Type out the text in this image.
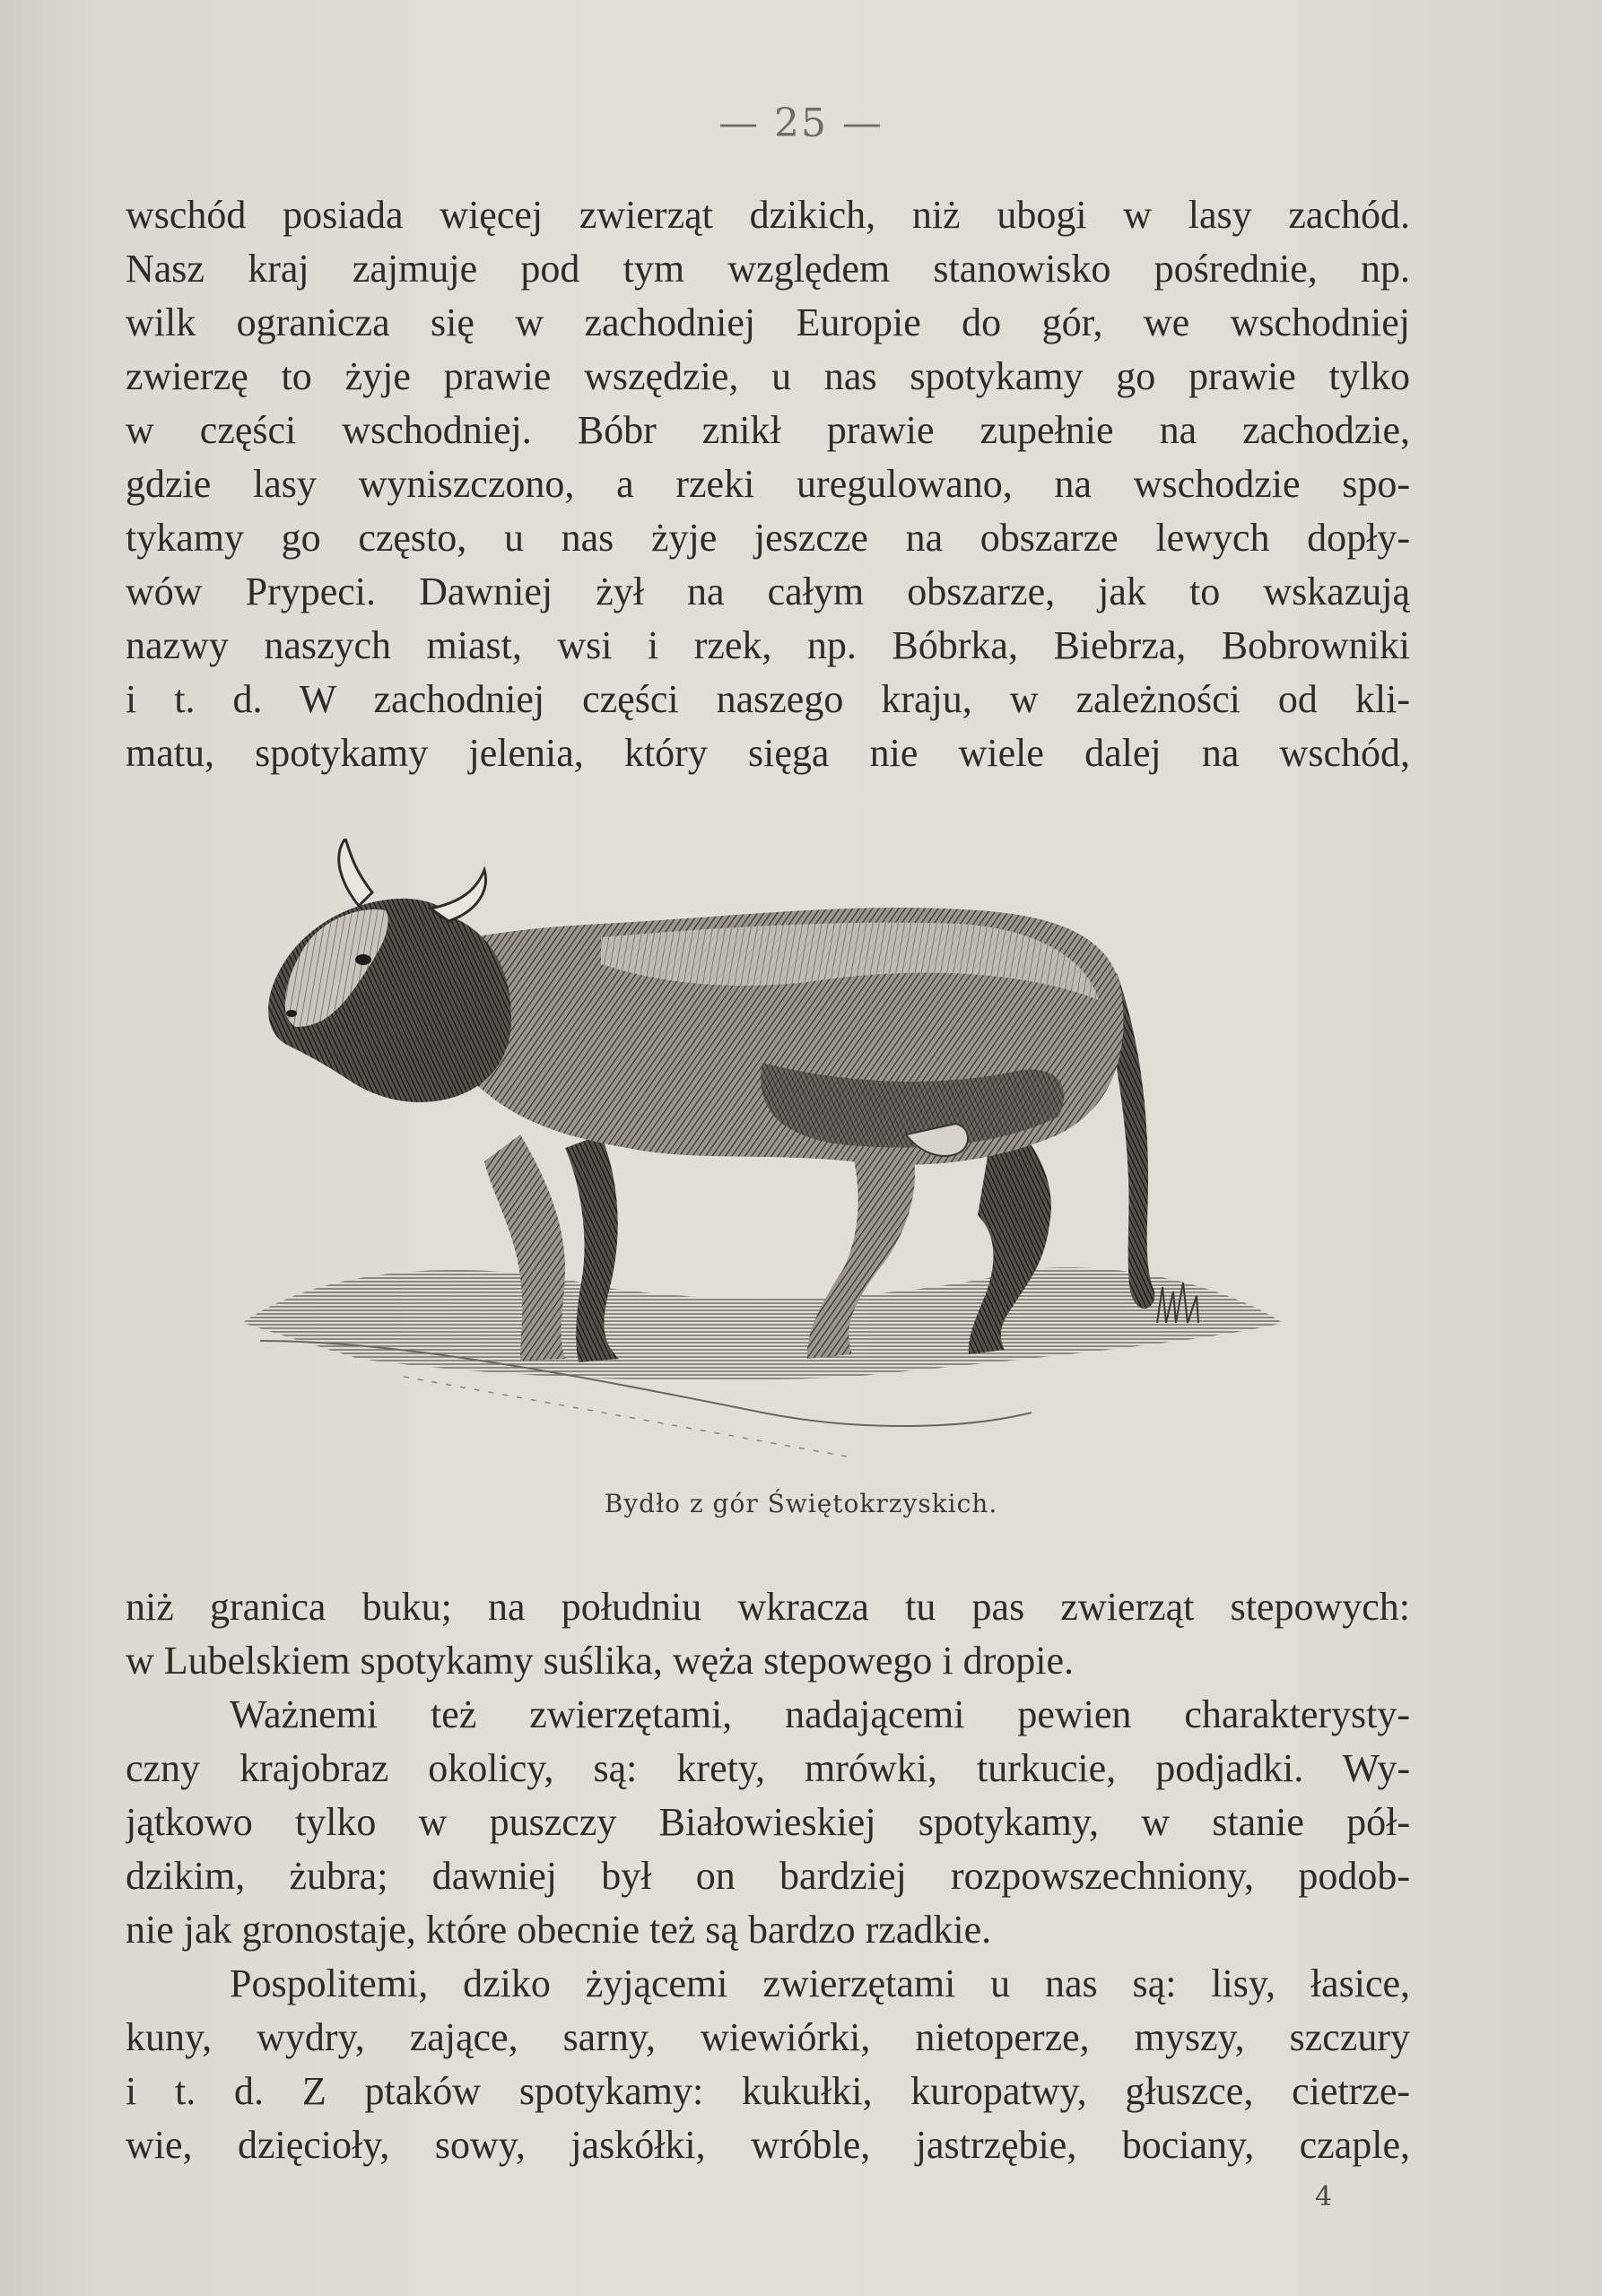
— 25 —
wschód posiada więcej zwierząt dzikich, niż ubogi w lasy zachód.
Nasz kraj zajmuje pod tym względem stanowisko pośrednie, np.
wilk ogranicza się w zachodniej Europie do gór, we wschodniej
zwierzę to żyje prawie wszędzie, u nas spotykamy go prawie tylko
w części wschodniej. Bóbr znikł prawie zupełnie na zachodzie,
gdzie lasy wyniszczono, a rzeki uregulowano, na wschodzie spo-
tykamy go często, u nas żyje jeszcze na obszarze lewych dopły-
wów Prypeci. Dawniej żył na całym obszarze, jak to wskazują
nazwy naszych miast, wsi i rzek, np. Bóbrka, Biebrza, Bobrowniki
i t. d. W zachodniej części naszego kraju, w zależności od kli-
matu, spotykamy jelenia, który sięga nie wiele dalej na wschód,
Bydło z gór Świętokrzyskich.
niż granica buku; na południu wkracza tu pas zwierząt stepowych:
w Lubelskiem spotykamy suślika, węża stepowego i dropie.
Ważnemi też zwierzętami, nadającemi pewien charakterysty-
czny krajobraz okolicy, są: krety, mrówki, turkucie, podjadki. Wy-
jątkowo tylko w puszczy Białowieskiej spotykamy, w stanie pół-
dzikim, żubra; dawniej był on bardziej rozpowszechniony, podob-
nie jak gronostaje, które obecnie też są bardzo rzadkie.
Pospolitemi, dziko żyjącemi zwierzętami u nas są: lisy, łasice,
kuny, wydry, zające, sarny, wiewiórki, nietoperze, myszy, szczury
i t. d. Z ptaków spotykamy: kukułki, kuropatwy, głuszce, cietrze-
wie, dzięcioły, sowy, jaskółki, wróble, jastrzębie, bociany, czaple,
4
